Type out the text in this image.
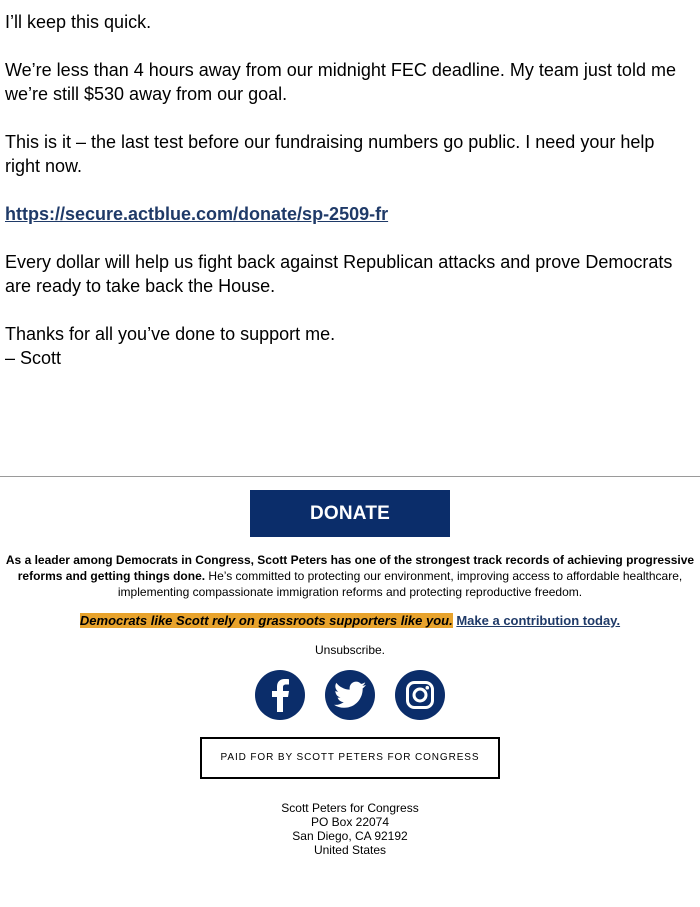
I’ll keep this quick.

We’re less than 4 hours away from our midnight FEC deadline. My team just told me we’re still $530 away from our goal.

This is it – the last test before our fundraising numbers go public. I need your help right now.

https://secure.actblue.com/donate/sp-2509-fr

Every dollar will help us fight back against Republican attacks and prove Democrats are ready to take back the House.

Thanks for all you’ve done to support me.
– Scott

DONATE
As a leader among Democrats in Congress, Scott Peters has one of the strongest track records of achieving progressive reforms and getting things done. He’s committed to protecting our environment, improving access to affordable healthcare, implementing compassionate immigration reforms and protecting reproductive freedom.
Democrats like Scott rely on grassroots supporters like you. Make a contribution today.
Unsubscribe.
PAID FOR BY SCOTT PETERS FOR CONGRESS
Scott Peters for Congress
PO Box 22074
San Diego, CA 92192
United States
